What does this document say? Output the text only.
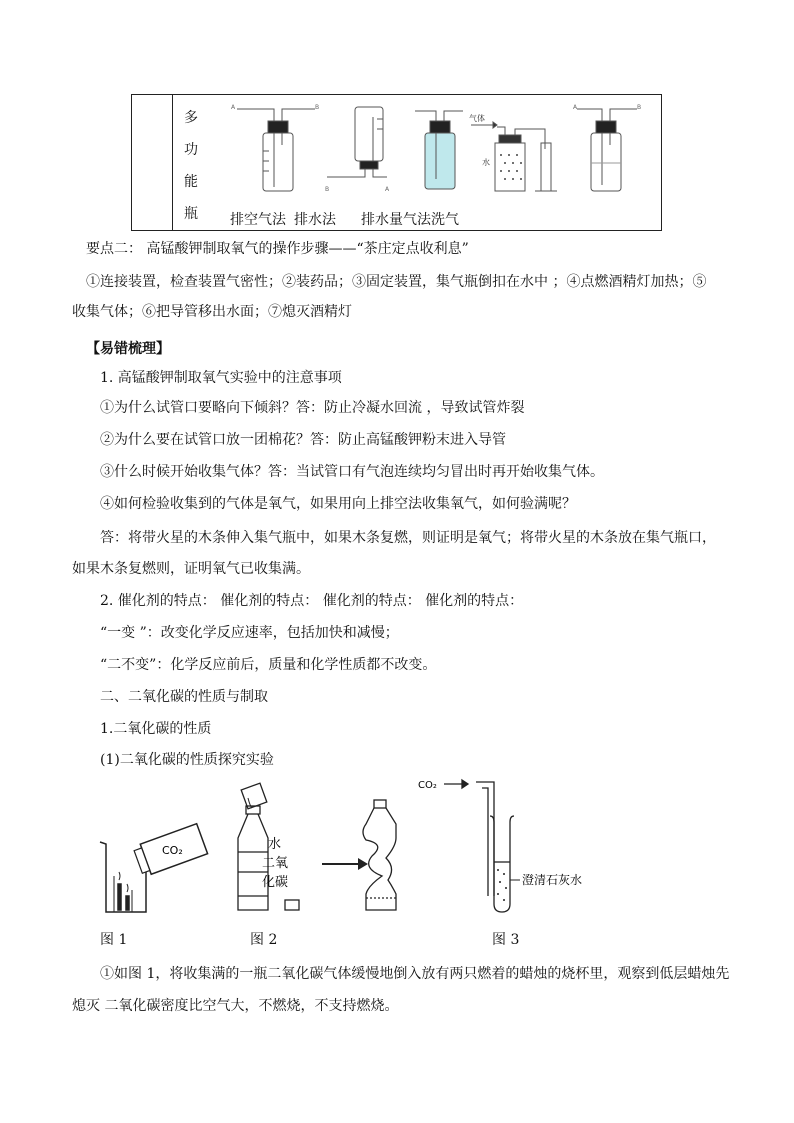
多
功
能
瓶
A	B
B	A
气体
水
A	B
排空气法 排水法 排水量气法 洗气
要点二： 高锰酸钾制取氧气的操作步骤——“茶庄定点收利息”
①连接装置，检查装置气密性；②装药品；③固定装置，集气瓶倒扣在水中 ；④点燃酒精灯加热；⑤
收集气体；⑥把导管移出水面；⑦熄灭酒精灯
【易错梳理】
1. 高锰酸钾制取氧气实验中的注意事项
①为什么试管口要略向下倾斜？答：防止冷凝水回流 ，导致试管炸裂
②为什么要在试管口放一团棉花？答：防止高锰酸钾粉末进入导管
③什么时候开始收集气体？答：当试管口有气泡连续均匀冒出时再开始收集气体。
④如何检验收集到的气体是氧气，如果用向上排空法收集氧气，如何验满呢？
答：将带火星的木条伸入集气瓶中，如果木条复燃，则证明是氧气；将带火星的木条放在集气瓶口，
如果木条复燃则，证明氧气已收集满。
2. 催化剂的特点： 催化剂的特点： 催化剂的特点： 催化剂的特点：
“一变 ”：改变化学反应速率，包括加快和减慢；
“二不变”：化学反应前后，质量和化学性质都不改变。
二、二氧化碳的性质与制取
1.二氧化碳的性质
(1)二氧化碳的性质探究实验
CO₂	水
二氧
化碳
CO₂
澄清石灰水
图 1	图 2	图 3
①如图 1，将收集满的一瓶二氧化碳气体缓慢地倒入放有两只燃着的蜡烛的烧杯里，观察到低层蜡烛先
熄灭 二氧化碳密度比空气大，不燃烧，不支持燃烧。
